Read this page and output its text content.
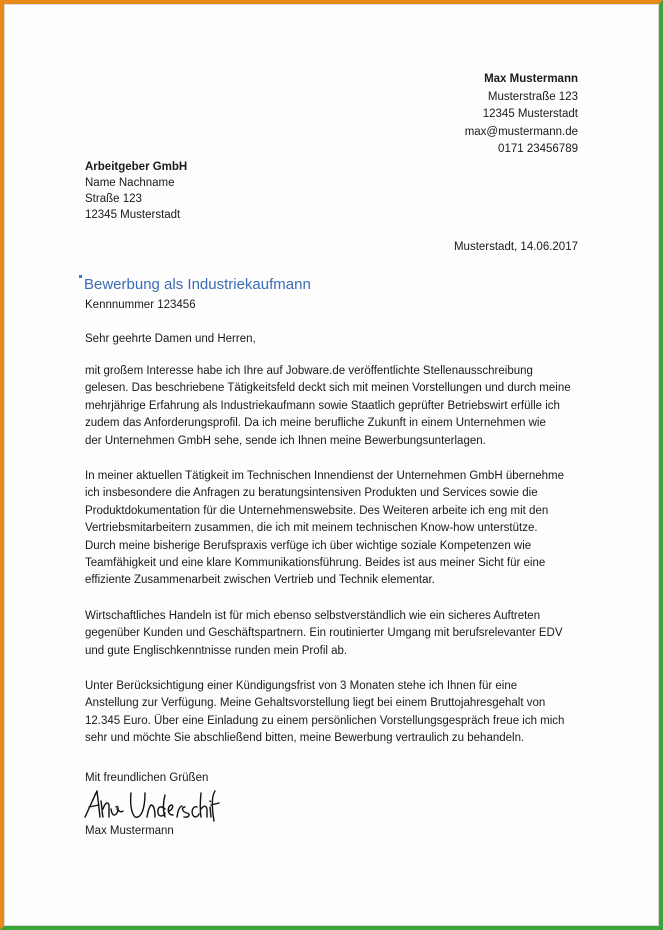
Max Mustermann
Musterstraße 123
12345 Musterstadt
max@mustermann.de
0171 23456789
Arbeitgeber GmbH
Name Nachname
Straße 123
12345 Musterstadt
Musterstadt, 14.06.2017
Bewerbung als Industriekaufmann
Kennnummer 123456
Sehr geehrte Damen und Herren,
mit großem Interesse habe ich Ihre auf Jobware.de veröffentlichte Stellenausschreibung
gelesen. Das beschriebene Tätigkeitsfeld deckt sich mit meinen Vorstellungen und durch meine
mehrjährige Erfahrung als Industriekaufmann sowie Staatlich geprüfter Betriebswirt erfülle ich
zudem das Anforderungsprofil. Da ich meine berufliche Zukunft in einem Unternehmen wie
der Unternehmen GmbH sehe, sende ich Ihnen meine Bewerbungsunterlagen.
In meiner aktuellen Tätigkeit im Technischen Innendienst der Unternehmen GmbH übernehme
ich insbesondere die Anfragen zu beratungsintensiven Produkten und Services sowie die
Produktdokumentation für die Unternehmenswebsite. Des Weiteren arbeite ich eng mit den
Vertriebsmitarbeitern zusammen, die ich mit meinem technischen Know-how unterstütze.
Durch meine bisherige Berufspraxis verfüge ich über wichtige soziale Kompetenzen wie
Teamfähigkeit und eine klare Kommunikationsführung. Beides ist aus meiner Sicht für eine
effiziente Zusammenarbeit zwischen Vertrieb und Technik elementar.
Wirtschaftliches Handeln ist für mich ebenso selbstverständlich wie ein sicheres Auftreten
gegenüber Kunden und Geschäftspartnern. Ein routinierter Umgang mit berufsrelevanter EDV
und gute Englischkenntnisse runden mein Profil ab.
Unter Berücksichtigung einer Kündigungsfrist von 3 Monaten stehe ich Ihnen für eine
Anstellung zur Verfügung. Meine Gehaltsvorstellung liegt bei einem Bruttojahresgehalt von
12.345 Euro. Über eine Einladung zu einem persönlichen Vorstellungsgespräch freue ich mich
sehr und möchte Sie abschließend bitten, meine Bewerbung vertraulich zu behandeln.
Mit freundlichen Grüßen
Max Mustermann
